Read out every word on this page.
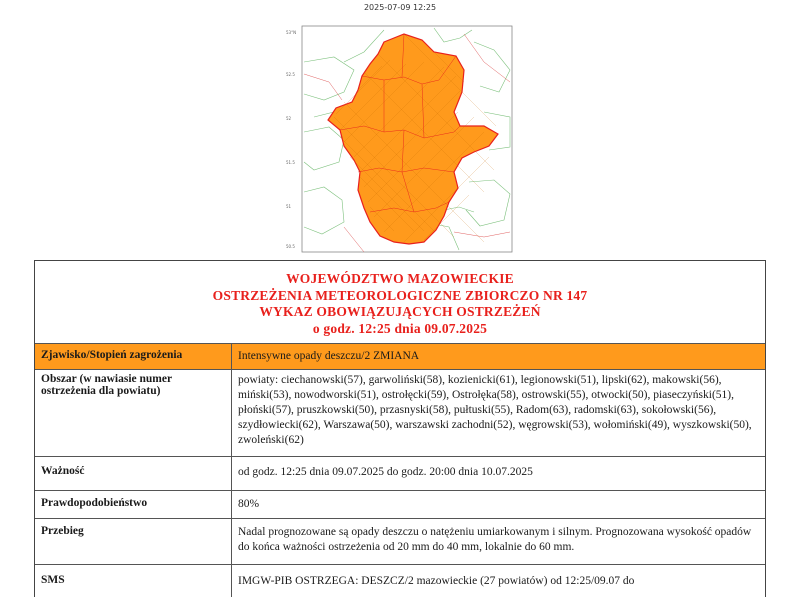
2025-07-09 12:25
53°N
52.5
52
51.5
51
50.5
WOJEWÓDZTWO MAZOWIECKIE
OSTRZEŻENIA METEOROLOGICZNE ZBIORCZO NR 147
WYKAZ OBOWIĄZUJĄCYCH OSTRZEŻEŃ
o godz. 12:25 dnia 09.07.2025
Zjawisko/Stopień zagrożenia	Intensywne opady deszczu/2 ZMIANA
Obszar (w nawiasie numer ostrzeżenia dla powiatu)	powiaty: ciechanowski(57), garwoliński(58), kozienicki(61), legionowski(51), lipski(62), makowski(56), miński(53), nowodworski(51), ostrołęcki(59), Ostrołęka(58), ostrowski(55), otwocki(50), piaseczyński(51), płoński(57), pruszkowski(50), przasnyski(58), pułtuski(55), Radom(63), radomski(63), sokołowski(56), szydłowiecki(62), Warszawa(50), warszawski zachodni(52), węgrowski(53), wołomiński(49), wyszkowski(50), zwoleński(62)
Ważność	od godz. 12:25 dnia 09.07.2025 do godz. 20:00 dnia 10.07.2025
Prawdopodobieństwo	80%
Przebieg	Nadal prognozowane są opady deszczu o natężeniu umiarkowanym i silnym. Prognozowana wysokość opadów do końca ważności ostrzeżenia od 20 mm do 40 mm, lokalnie do 60 mm.
SMS	IMGW-PIB OSTRZEGA: DESZCZ/2 mazowieckie (27 powiatów) od 12:25/09.07 do
